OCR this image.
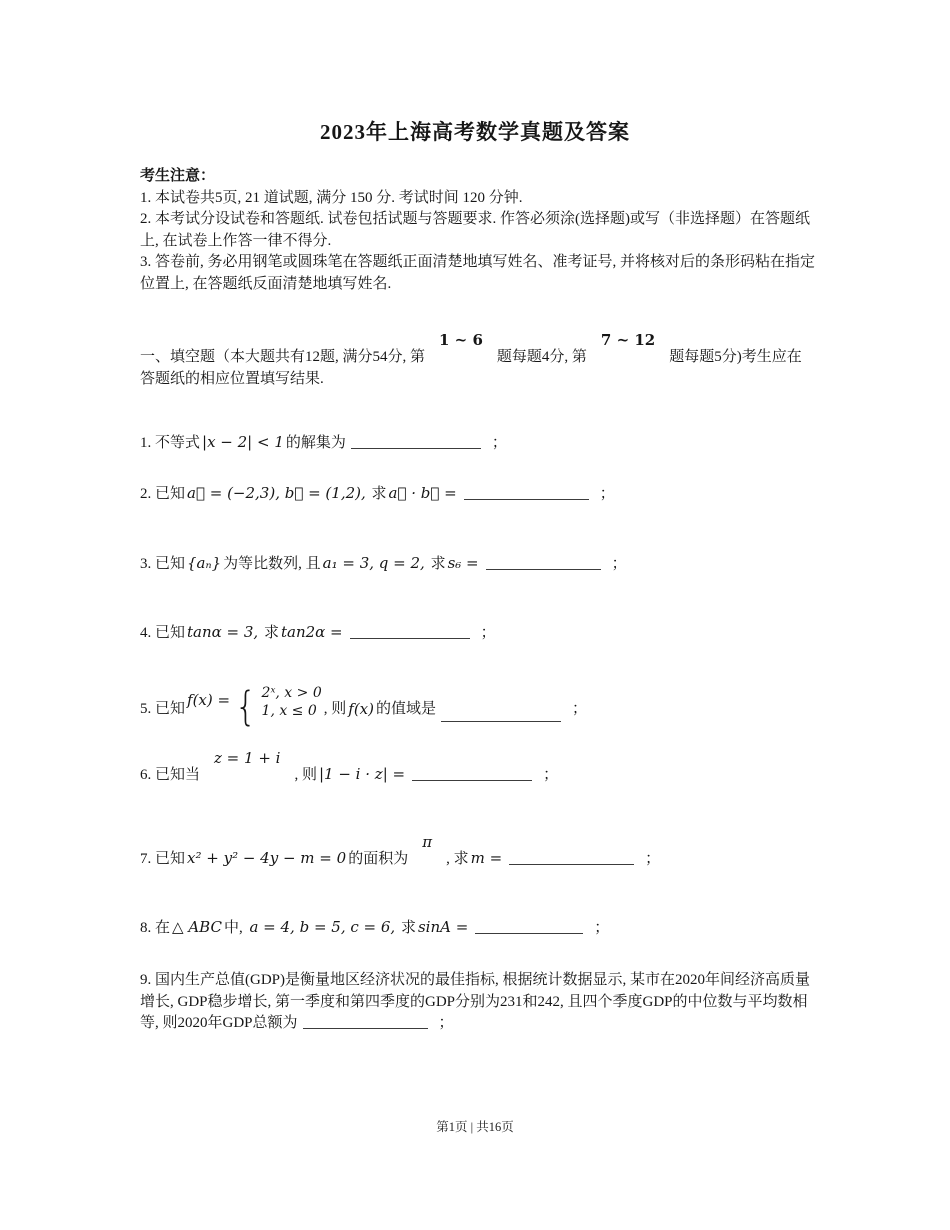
2023年上海高考数学真题及答案

考生注意：

1. 本试卷共5页, 21 道试题, 满分 150 分. 考试时间 120 分钟.

2. 本考试分设试卷和答题纸. 试卷包括试题与答题要求. 作答必须涂(选择题)或写（非选择题）在答题纸上, 在试卷上作答一律不得分.

3. 答卷前, 务必用钢笔或圆珠笔在答题纸正面清楚地填写姓名、准考证号, 并将核对后的条形码粘在指定位置上, 在答题纸反面清楚地填写姓名.

一、填空题（本大题共有12题, 满分54分, 第1 ~ 6题每题4分, 第7 ~ 12题每题5分)考生应在
答题纸的相应位置填写结果.
1. 不等式 |x − 2| < 1 的解集为	；
2. 已知 a⃗ = (−2,3), b⃗ = (1,2), 求 a⃗ · b⃗ =	；
3. 已知 {aₙ} 为等比数列, 且 a₁ = 3, q = 2, 求 s₆ =	；
4. 已知 tanα = 3, 求 tan2α =	；
5. 已知 f(x) = { 2ˣ, x > 0
1, x ≤ 0 , 则 f(x) 的值域是	；
6. 已知当z = 1 + i, 则 |1 − i · z| =	；
7. 已知 x² + y² − 4y − m = 0 的面积为π, 求 m =	；
8. 在 △ ABC 中, a = 4, b = 5, c = 6, 求 sinA =	；
9. 国内生产总值(GDP)是衡量地区经济状况的最佳指标, 根据统计数据显示, 某市在2020年间经济高质量增长, GDP稳步增长, 第一季度和第四季度的GDP分别为231和242, 且四个季度GDP的中位数与平均数相等, 则2020年GDP总额为	；
第1页 | 共16页
